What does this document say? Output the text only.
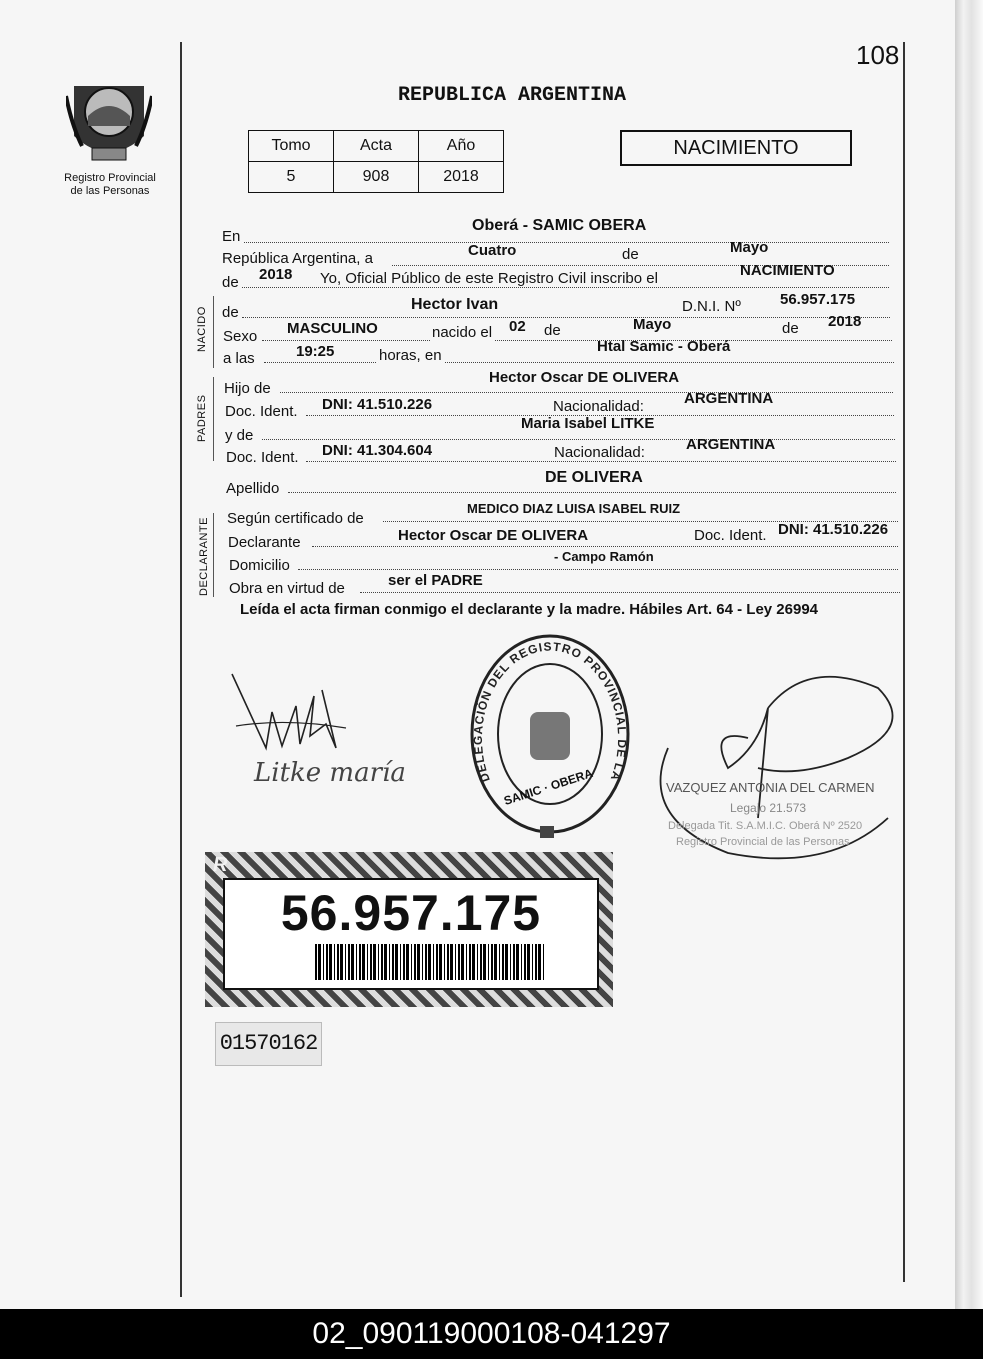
108
Registro Provincial
de las Personas
REPUBLICA ARGENTINA
Tomo	Acta	Año
5	908	2018
NACIMIENTO
En
Oberá - SAMIC OBERA
República Argentina, a	Cuatro	de	Mayo
de 2018 Yo, Oficial Público de este Registro Civil inscribo el	NACIMIENTO
NACIDO de	Hector Ivan	D.N.I. Nº	56.957.175
Sexo MASCULINO	nacido el 02 de	Mayo	de 2018
a las	19:25	horas, en
Htal Samic - Oberá
PADRES
Hijo de
Hector Oscar DE OLIVERA
Doc. Ident. DNI: 41.510.226	Nacionalidad:	ARGENTINA
y de
Maria Isabel LITKE
Doc. Ident. DNI: 41.304.604	Nacionalidad:	ARGENTINA
Apellido
DE OLIVERA
DECLARANTE Según certificado de
MEDICO DIAZ LUISA ISABEL RUIZ
Declarante	Hector Oscar DE OLIVERA	Doc. Ident. DNI: 41.510.226
Domicilio
- Campo Ramón
Obra en virtud de	ser el PADRE
Leída el acta firman conmigo el declarante y la madre. Hábiles Art. 64 - Ley 26994
Litke maría	DELEGACIÓN DEL REGISTRO PROVINCIAL DE LA
SAMIC · OBERA	VAZQUEZ ANTONIA DEL CARMEN
Legajo 21.573
Delegada Tit. S.A.M.I.C. Oberá Nº 2520
Registro Provincial de las Personas
R
56.957.175
01570162
02_090119000108-041297
